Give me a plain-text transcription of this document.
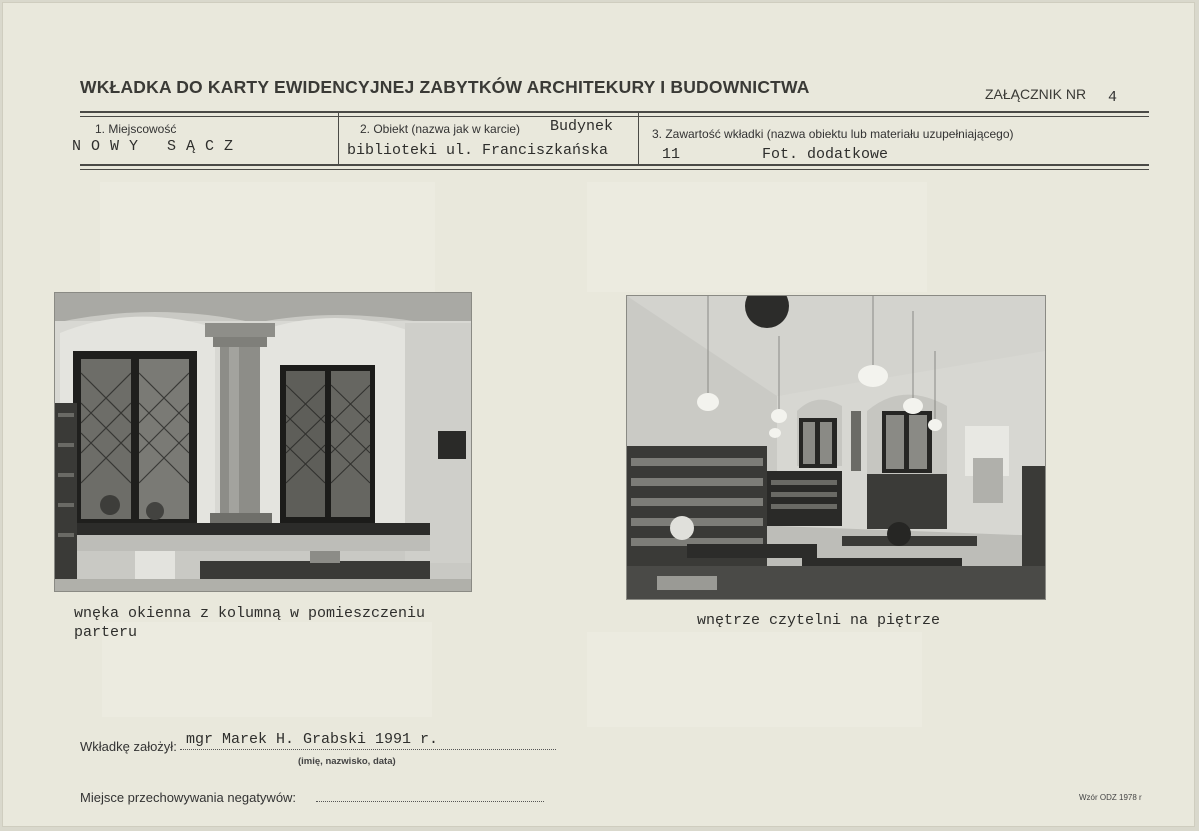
WKŁADKA DO KARTY EWIDENCYJNEJ ZABYTKÓW ARCHITEKURY I BUDOWNICTWA	ZAŁĄCZNIK NR 4
1. Miejscowość
NOWY SĄCZ
2. Obiekt (nazwa jak w karcie) Budynek
biblioteki ul. Franciszkańska
3. Zawartość wkładki (nazwa obiektu lub materiału uzupełniającego)
11	Fot. dodatkowe
wnęka okienna z kolumną w pomieszczeniu parteru
wnętrze czytelni na piętrze
Wkładkę założył: mgr Marek H. Grabski 1991 r.
(imię, nazwisko, data)
Miejsce przechowywania negatywów:	Wzór ODZ 1978 r
